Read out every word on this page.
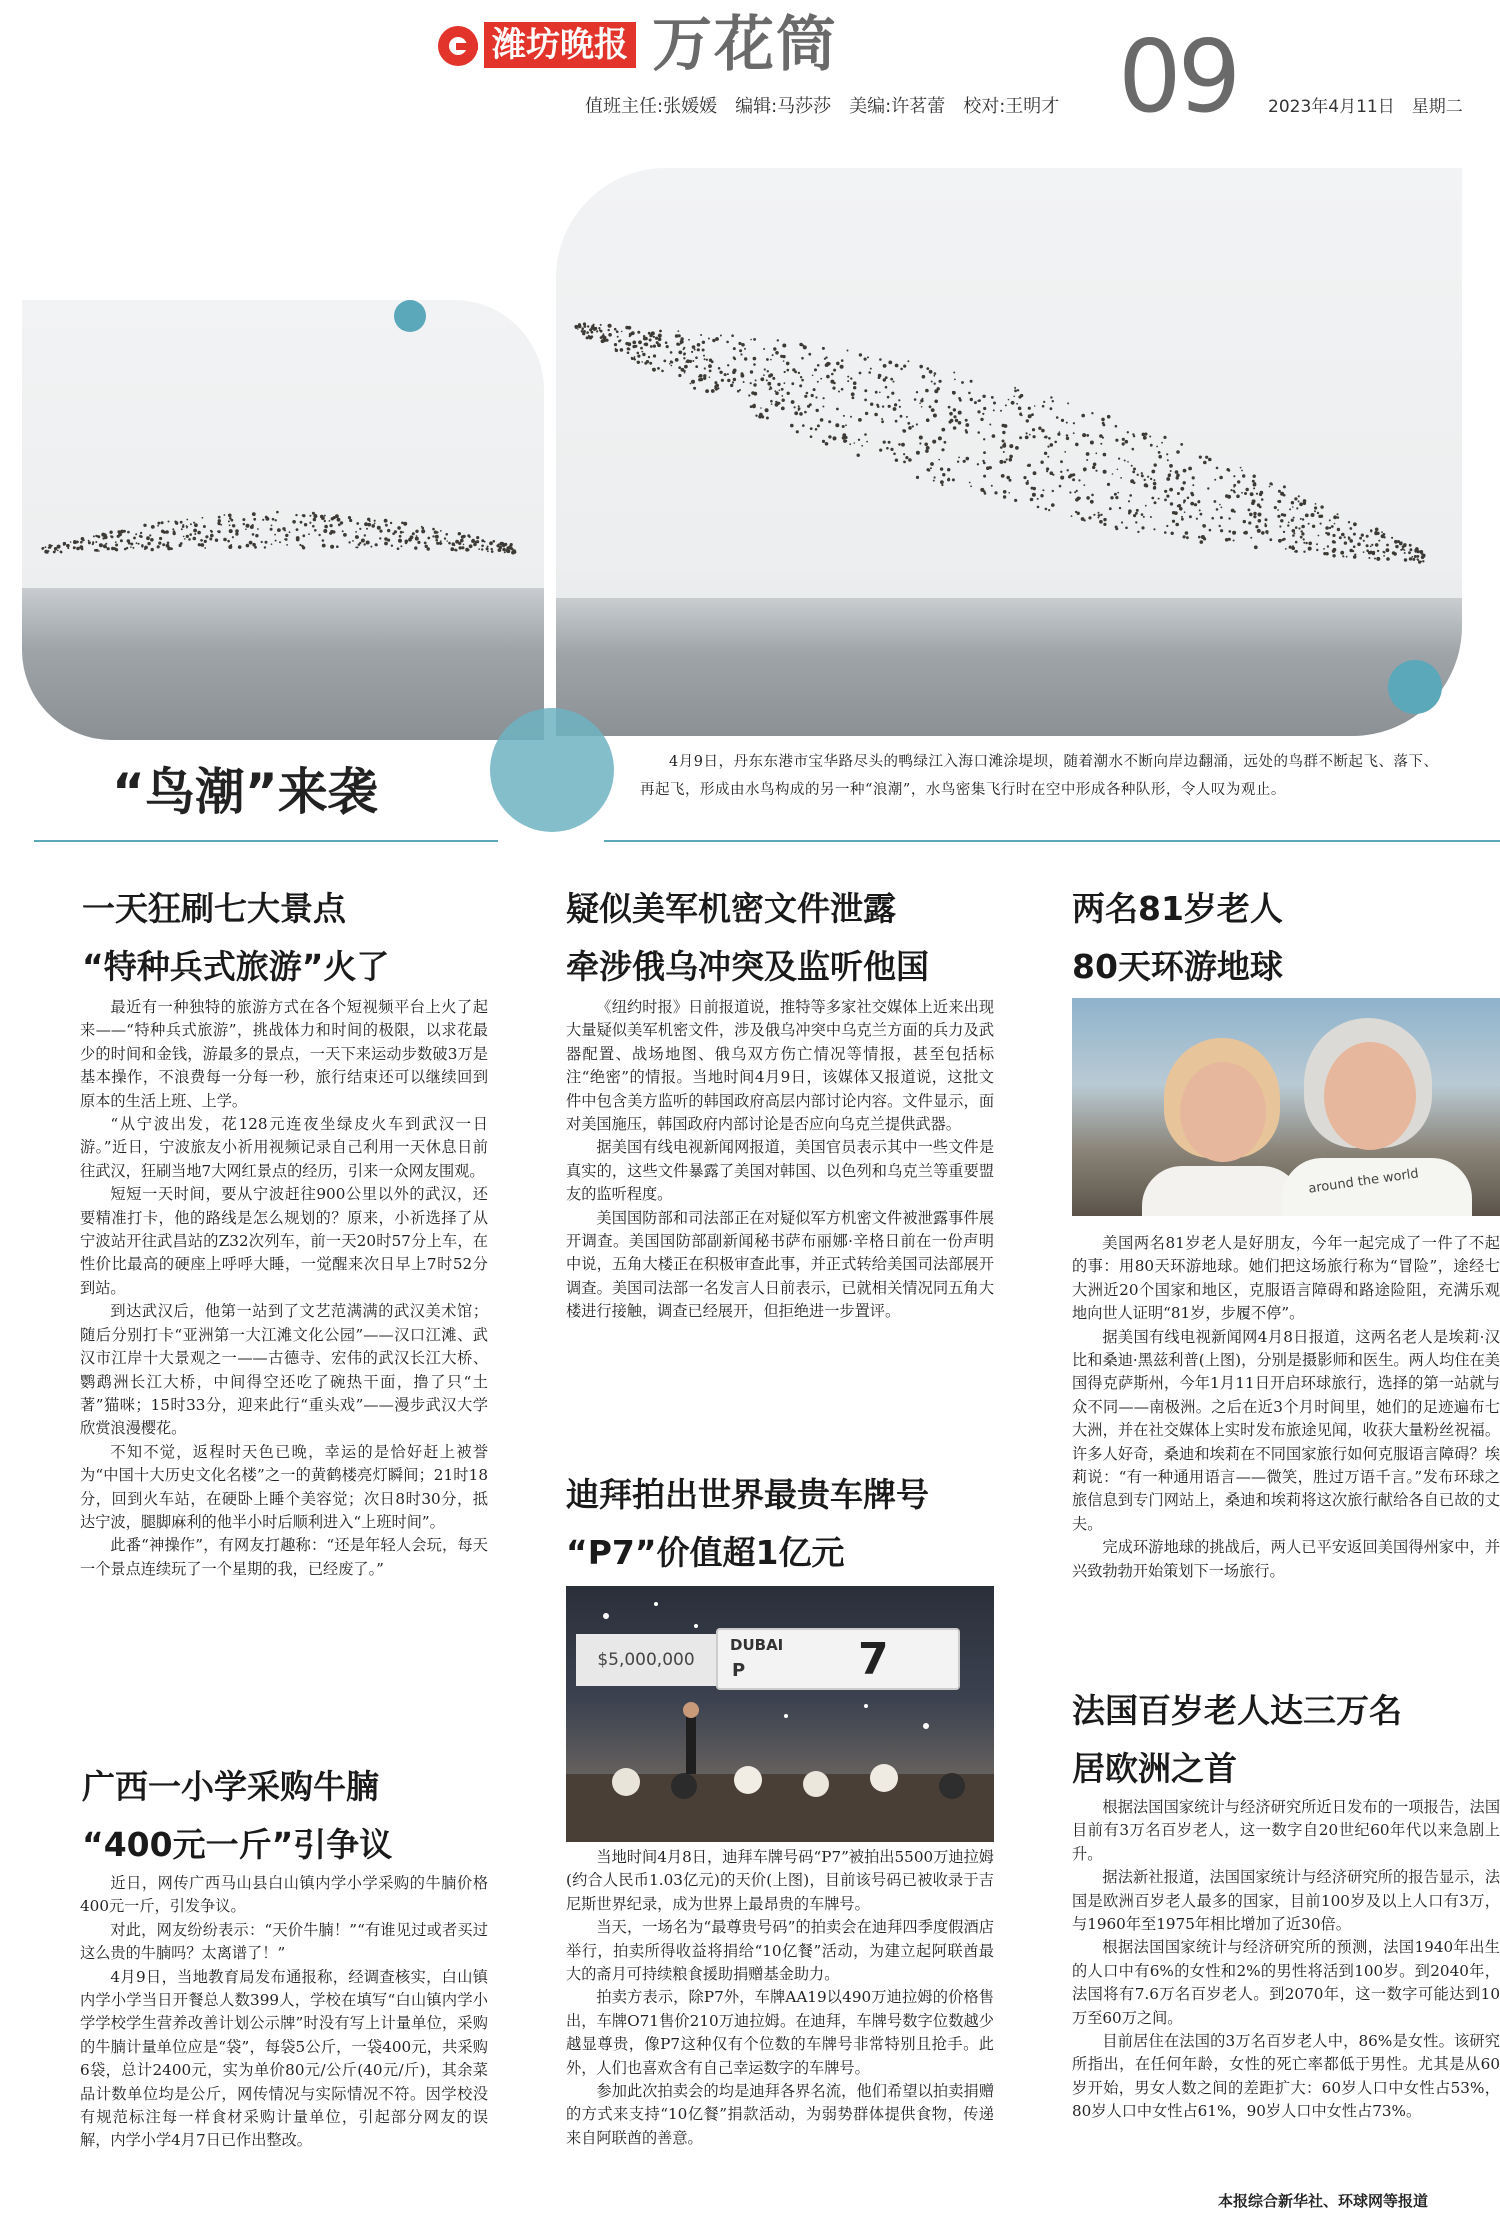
潍坊晚报 万花筒	09
值班主任:张媛媛　编辑:马莎莎　美编:许茗蕾　校对:王明才	2023年4月11日　星期二
“鸟潮”来袭
4月9日，丹东东港市宝华路尽头的鸭绿江入海口滩涂堤坝，随着潮水不断向岸边翻涌，远处的鸟群不断起飞、落下、再起飞，形成由水鸟构成的另一种“浪潮”，水鸟密集飞行时在空中形成各种队形，令人叹为观止。
一天狂刷七大景点
“特种兵式旅游”火了

最近有一种独特的旅游方式在各个短视频平台上火了起来——“特种兵式旅游”，挑战体力和时间的极限，以求花最少的时间和金钱，游最多的景点，一天下来运动步数破3万是基本操作，不浪费每一分每一秒，旅行结束还可以继续回到原本的生活上班、上学。

“从宁波出发，花128元连夜坐绿皮火车到武汉一日游。”近日，宁波旅友小祈用视频记录自己利用一天休息日前往武汉，狂刷当地7大网红景点的经历，引来一众网友围观。

短短一天时间，要从宁波赶往900公里以外的武汉，还要精准打卡，他的路线是怎么规划的？原来，小祈选择了从宁波站开往武昌站的Z32次列车，前一天20时57分上车，在性价比最高的硬座上呼呼大睡，一觉醒来次日早上7时52分到站。

到达武汉后，他第一站到了文艺范满满的武汉美术馆；随后分别打卡“亚洲第一大江滩文化公园”——汉口江滩、武汉市江岸十大景观之一——古德寺、宏伟的武汉长江大桥、鹦鹉洲长江大桥，中间得空还吃了碗热干面，撸了只“土著”猫咪；15时33分，迎来此行“重头戏”——漫步武汉大学欣赏浪漫樱花。

不知不觉，返程时天色已晚，幸运的是恰好赶上被誉为“中国十大历史文化名楼”之一的黄鹤楼亮灯瞬间；21时18分，回到火车站，在硬卧上睡个美容觉；次日8时30分，抵达宁波，腿脚麻利的他半小时后顺利进入“上班时间”。

此番“神操作”，有网友打趣称：“还是年轻人会玩，每天一个景点连续玩了一个星期的我，已经废了。”

广西一小学采购牛腩
“400元一斤”引争议

近日，网传广西马山县白山镇内学小学采购的牛腩价格400元一斤，引发争议。

对此，网友纷纷表示：“天价牛腩！”“有谁见过或者买过这么贵的牛腩吗？太离谱了！”

4月9日，当地教育局发布通报称，经调查核实，白山镇内学小学当日开餐总人数399人，学校在填写“白山镇内学小学学校学生营养改善计划公示牌”时没有写上计量单位，采购的牛腩计量单位应是“袋”，每袋5公斤，一袋400元，共采购6袋，总计2400元，实为单价80元/公斤(40元/斤)，其余菜品计数单位均是公斤，网传情况与实际情况不符。因学校没有规范标注每一样食材采购计量单位，引起部分网友的误解，内学小学4月7日已作出整改。

疑似美军机密文件泄露
牵涉俄乌冲突及监听他国

《纽约时报》日前报道说，推特等多家社交媒体上近来出现大量疑似美军机密文件，涉及俄乌冲突中乌克兰方面的兵力及武器配置、战场地图、俄乌双方伤亡情况等情报，甚至包括标注“绝密”的情报。当地时间4月9日，该媒体又报道说，这批文件中包含美方监听的韩国政府高层内部讨论内容。文件显示，面对美国施压，韩国政府内部讨论是否应向乌克兰提供武器。

据美国有线电视新闻网报道，美国官员表示其中一些文件是真实的，这些文件暴露了美国对韩国、以色列和乌克兰等重要盟友的监听程度。

美国国防部和司法部正在对疑似军方机密文件被泄露事件展开调查。美国国防部副新闻秘书萨布丽娜·辛格日前在一份声明中说，五角大楼正在积极审查此事，并正式转给美国司法部展开调查。美国司法部一名发言人日前表示，已就相关情况同五角大楼进行接触，调查已经展开，但拒绝进一步置评。

迪拜拍出世界最贵车牌号
“P7”价值超1亿元
$5,000,000
DUBAI
P	7

当地时间4月8日，迪拜车牌号码“P7”被拍出5500万迪拉姆(约合人民币1.03亿元)的天价(上图)，目前该号码已被收录于吉尼斯世界纪录，成为世界上最昂贵的车牌号。

当天，一场名为“最尊贵号码”的拍卖会在迪拜四季度假酒店举行，拍卖所得收益将捐给“10亿餐”活动，为建立起阿联酋最大的斋月可持续粮食援助捐赠基金助力。

拍卖方表示，除P7外，车牌AA19以490万迪拉姆的价格售出，车牌O71售价210万迪拉姆。在迪拜，车牌号数字位数越少越显尊贵，像P7这种仅有个位数的车牌号非常特别且抢手。此外，人们也喜欢含有自己幸运数字的车牌号。

参加此次拍卖会的均是迪拜各界名流，他们希望以拍卖捐赠的方式来支持“10亿餐”捐款活动，为弱势群体提供食物，传递来自阿联酋的善意。

两名81岁老人
80天环游地球
around the world

美国两名81岁老人是好朋友，今年一起完成了一件了不起的事：用80天环游地球。她们把这场旅行称为“冒险”，途经七大洲近20个国家和地区，克服语言障碍和路途险阻，充满乐观地向世人证明“81岁，步履不停”。

据美国有线电视新闻网4月8日报道，这两名老人是埃莉·汉比和桑迪·黑兹利普(上图)，分别是摄影师和医生。两人均住在美国得克萨斯州，今年1月11日开启环球旅行，选择的第一站就与众不同——南极洲。之后在近3个月时间里，她们的足迹遍布七大洲，并在社交媒体上实时发布旅途见闻，收获大量粉丝祝福。许多人好奇，桑迪和埃莉在不同国家旅行如何克服语言障碍？埃莉说：“有一种通用语言——微笑，胜过万语千言。”发布环球之旅信息到专门网站上，桑迪和埃莉将这次旅行献给各自已故的丈夫。

完成环游地球的挑战后，两人已平安返回美国得州家中，并兴致勃勃开始策划下一场旅行。

法国百岁老人达三万名
居欧洲之首

根据法国国家统计与经济研究所近日发布的一项报告，法国目前有3万名百岁老人，这一数字自20世纪60年代以来急剧上升。

据法新社报道，法国国家统计与经济研究所的报告显示，法国是欧洲百岁老人最多的国家，目前100岁及以上人口有3万，与1960年至1975年相比增加了近30倍。

根据法国国家统计与经济研究所的预测，法国1940年出生的人口中有6%的女性和2%的男性将活到100岁。到2040年，法国将有7.6万名百岁老人。到2070年，这一数字可能达到10万至60万之间。

目前居住在法国的3万名百岁老人中，86%是女性。该研究所指出，在任何年龄，女性的死亡率都低于男性。尤其是从60岁开始，男女人数之间的差距扩大：60岁人口中女性占53%，80岁人口中女性占61%，90岁人口中女性占73%。

本报综合新华社、环球网等报道
